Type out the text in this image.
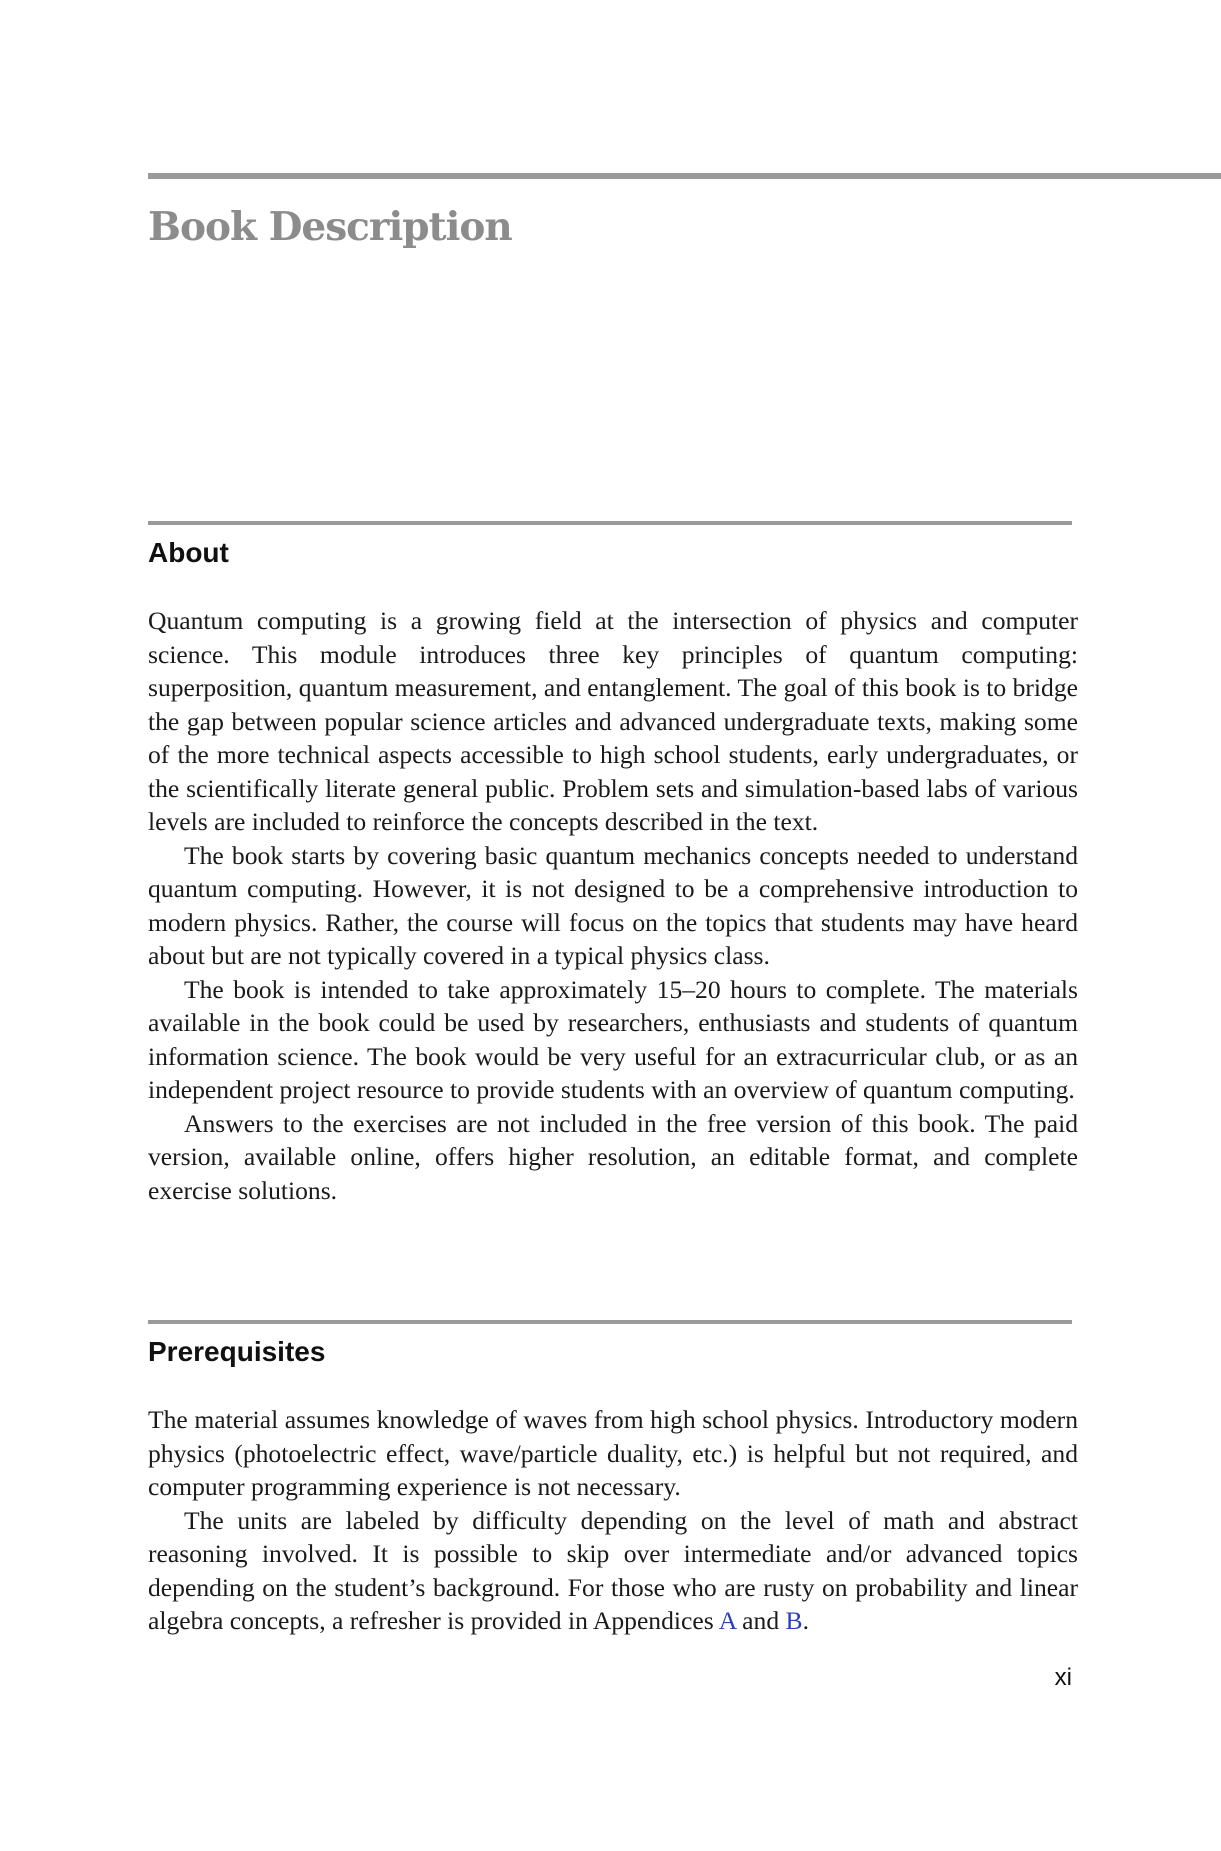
Book Description
About

Quantum computing is a growing field at the intersection of physics and computer science. This module introduces three key principles of quantum computing: superposition, quantum measurement, and entanglement. The goal of this book is to bridge the gap between popular science articles and advanced undergraduate texts, making some of the more technical aspects accessible to high school students, early undergraduates, or the scientifically literate general public. Problem sets and simulation-based labs of various levels are included to reinforce the concepts described in the text.

The book starts by covering basic quantum mechanics concepts needed to understand quantum computing. However, it is not designed to be a comprehensive introduction to modern physics. Rather, the course will focus on the topics that students may have heard about but are not typically covered in a typical physics class.

The book is intended to take approximately 15–20 hours to complete. The materials available in the book could be used by researchers, enthusiasts and students of quantum information science. The book would be very useful for an extracurricular club, or as an independent project resource to provide students with an overview of quantum computing.

Answers to the exercises are not included in the free version of this book. The paid version, available online, offers higher resolution, an editable format, and complete exercise solutions.

Prerequisites

The material assumes knowledge of waves from high school physics. Introductory modern physics (photoelectric effect, wave/particle duality, etc.) is helpful but not required, and computer programming experience is not necessary.

The units are labeled by difficulty depending on the level of math and abstract reasoning involved. It is possible to skip over intermediate and/or advanced topics depending on the student’s background. For those who are rusty on probability and linear algebra concepts, a refresher is provided in Appendices A and B.

xi
